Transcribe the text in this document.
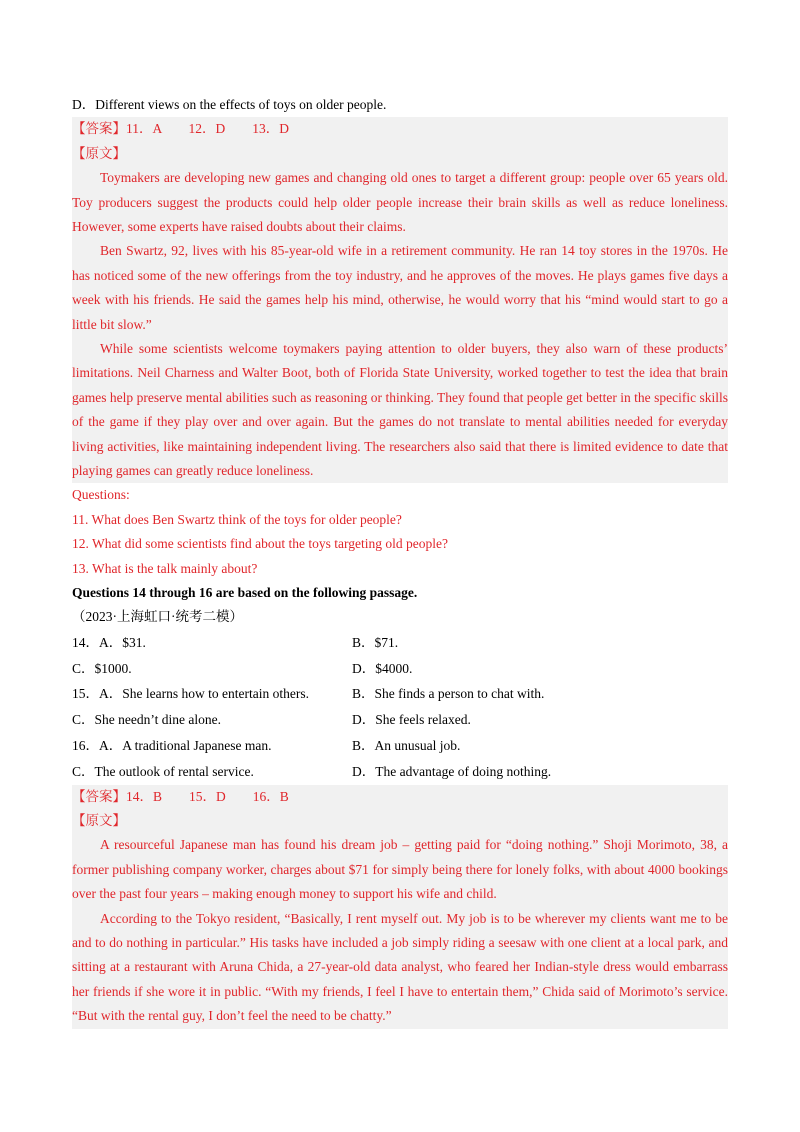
D．Different views on the effects of toys on older people.
【答案】11．A　　12．D　　13．D
【原文】

Toymakers are developing new games and changing old ones to target a different group: people over 65 years old. Toy producers suggest the products could help older people increase their brain skills as well as reduce loneliness. However, some experts have raised doubts about their claims.

Ben Swartz, 92, lives with his 85-year-old wife in a retirement community. He ran 14 toy stores in the 1970s. He has noticed some of the new offerings from the toy industry, and he approves of the moves. He plays games five days a week with his friends. He said the games help his mind, otherwise, he would worry that his “mind would start to go a little bit slow.”

While some scientists welcome toymakers paying attention to older buyers, they also warn of these products’ limitations. Neil Charness and Walter Boot, both of Florida State University, worked together to test the idea that brain games help preserve mental abilities such as reasoning or thinking. They found that people get better in the specific skills of the game if they play over and over again. But the games do not translate to mental abilities needed for everyday living activities, like maintaining independent living. The researchers also said that there is limited evidence to date that playing games can greatly reduce loneliness.

Questions:
11. What does Ben Swartz think of the toys for older people?
12. What did some scientists find about the toys targeting old people?
13. What is the talk mainly about?
Questions 14 through 16 are based on the following passage.
（2023·上海虹口·统考二模）
14．A．$31.	B．$71.
C．$1000.	D．$4000.
15．A．She learns how to entertain others.	B．She finds a person to chat with.
C．She needn’t dine alone.	D．She feels relaxed.
16．A．A traditional Japanese man.	B．An unusual job.
C．The outlook of rental service.	D．The advantage of doing nothing.
【答案】14．B　　15．D　　16．B
【原文】

A resourceful Japanese man has found his dream job – getting paid for “doing nothing.” Shoji Morimoto, 38, a former publishing company worker, charges about $71 for simply being there for lonely folks, with about 4000 bookings over the past four years – making enough money to support his wife and child.

According to the Tokyo resident, “Basically, I rent myself out. My job is to be wherever my clients want me to be and to do nothing in particular.” His tasks have included a job simply riding a seesaw with one client at a local park, and sitting at a restaurant with Aruna Chida, a 27-year-old data analyst, who feared her Indian-style dress would embarrass her friends if she wore it in public. “With my friends, I feel I have to entertain them,” Chida said of Morimoto’s service. “But with the rental guy, I don’t feel the need to be chatty.”
